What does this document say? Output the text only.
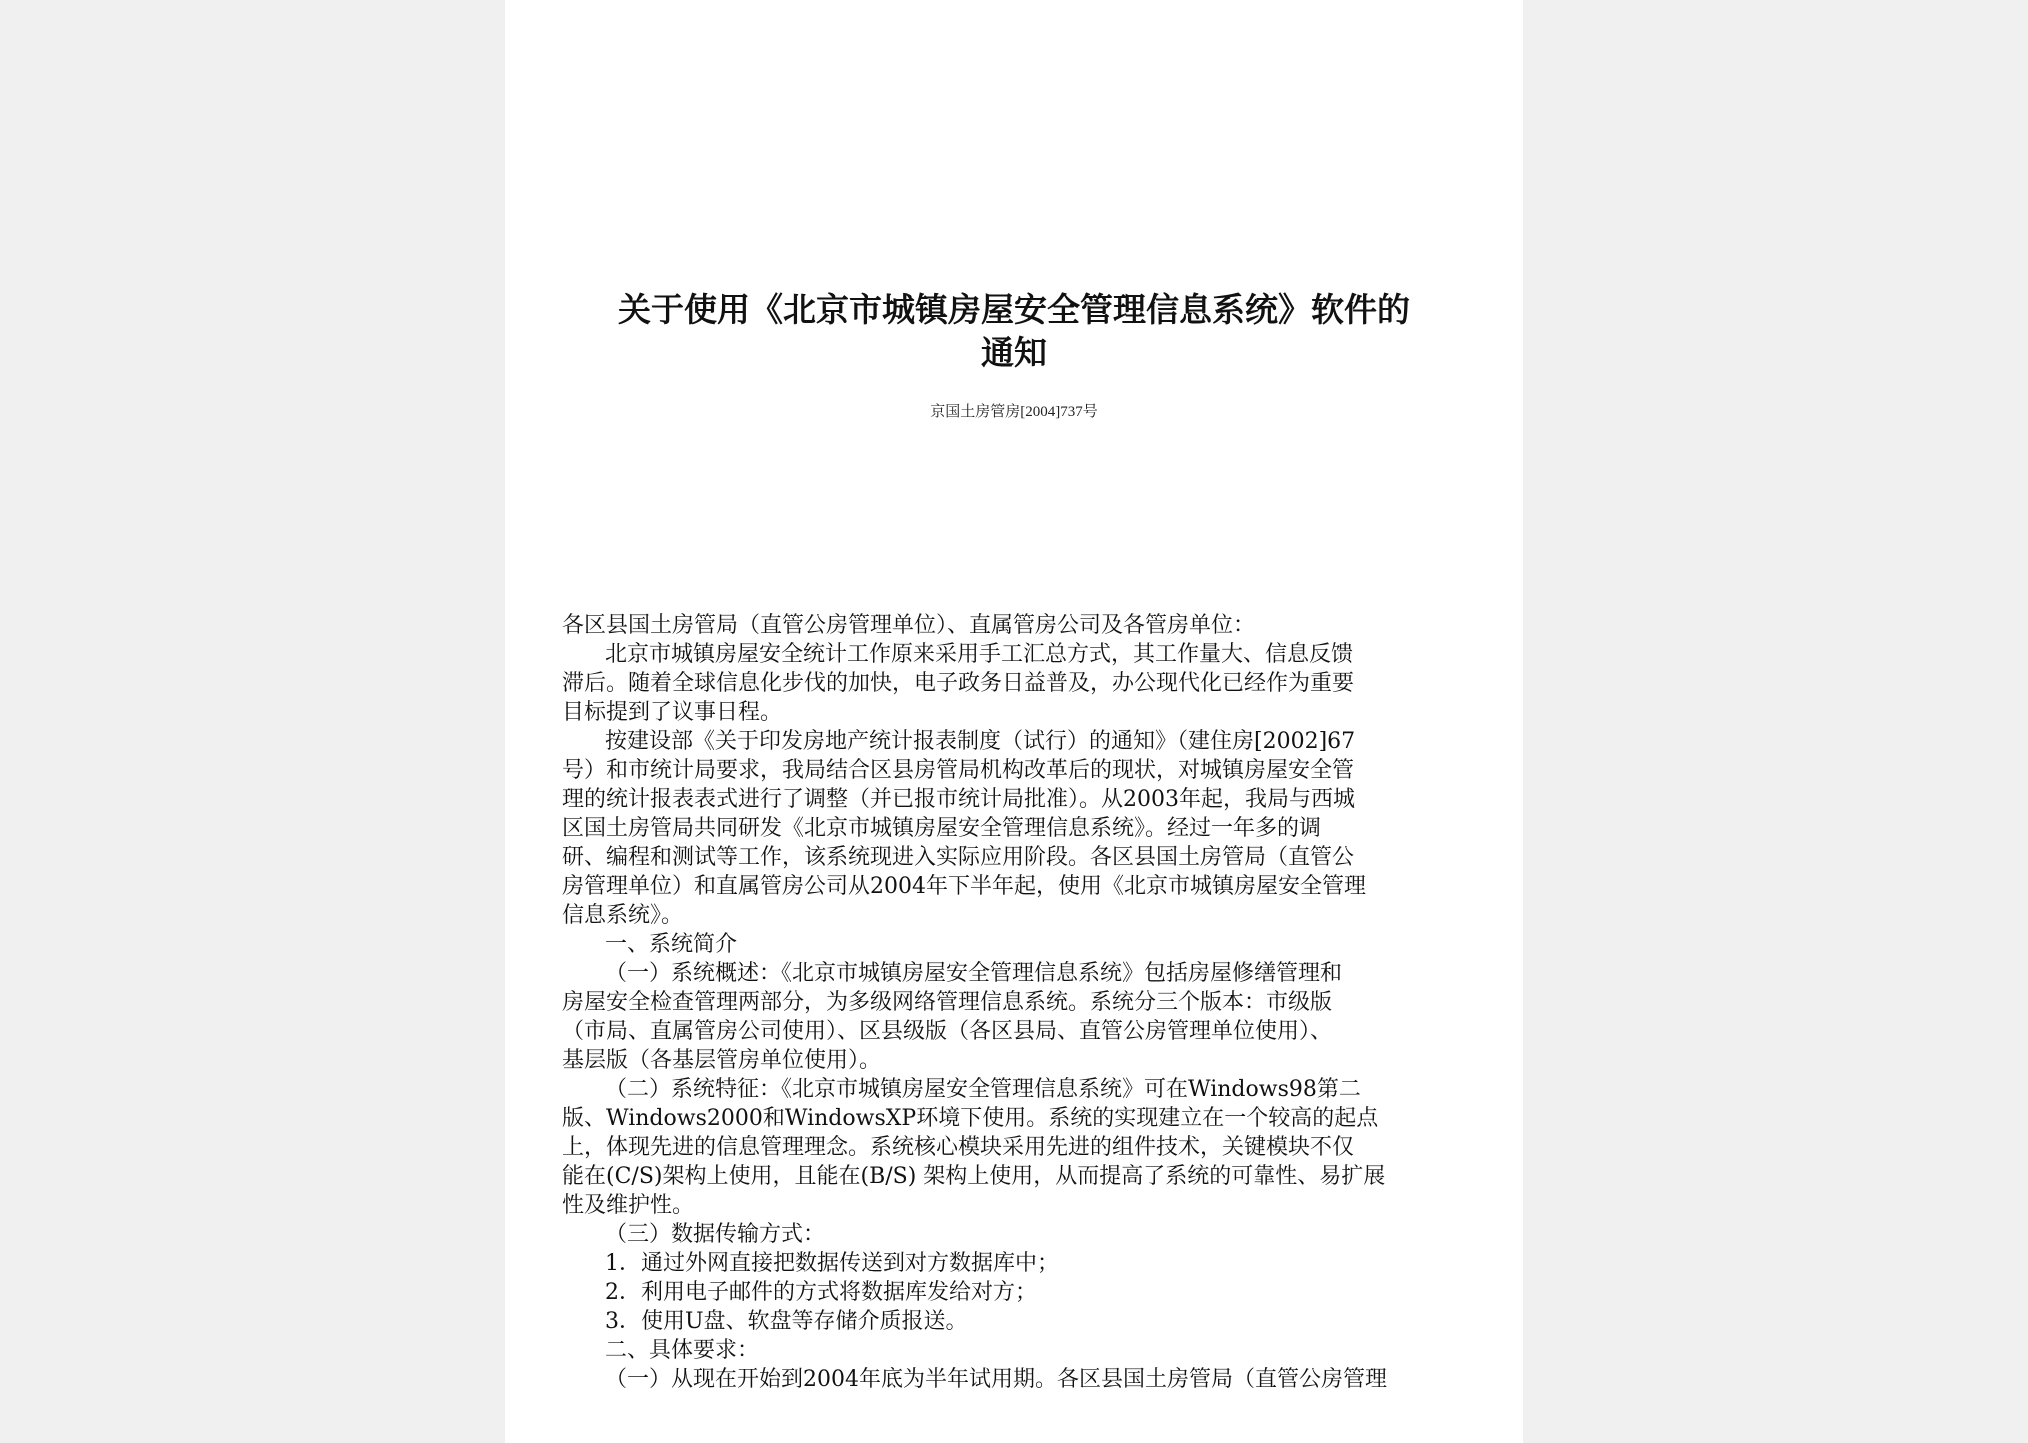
关于使用《北京市城镇房屋安全管理信息系统》软件的
通知
京国土房管房[2004]737号
各区县国土房管局（直管公房管理单位）、直属管房公司及各管房单位：
北京市城镇房屋安全统计工作原来采用手工汇总方式，其工作量大、信息反馈
滞后。随着全球信息化步伐的加快，电子政务日益普及，办公现代化已经作为重要
目标提到了议事日程。
按建设部《关于印发房地产统计报表制度（试行）的通知》（建住房[2002]67
号）和市统计局要求，我局结合区县房管局机构改革后的现状，对城镇房屋安全管
理的统计报表表式进行了调整（并已报市统计局批准）。从2003年起，我局与西城
区国土房管局共同研发《北京市城镇房屋安全管理信息系统》。经过一年多的调
研、编程和测试等工作，该系统现进入实际应用阶段。各区县国土房管局（直管公
房管理单位）和直属管房公司从2004年下半年起，使用《北京市城镇房屋安全管理
信息系统》。
一、系统简介
（一）系统概述：《北京市城镇房屋安全管理信息系统》包括房屋修缮管理和
房屋安全检查管理两部分，为多级网络管理信息系统。系统分三个版本：市级版
（市局、直属管房公司使用）、区县级版（各区县局、直管公房管理单位使用）、
基层版（各基层管房单位使用）。
（二）系统特征：《北京市城镇房屋安全管理信息系统》可在Windows98第二
版、Windows2000和WindowsXP环境下使用。系统的实现建立在一个较高的起点
上，体现先进的信息管理理念。系统核心模块采用先进的组件技术，关键模块不仅
能在(C/S)架构上使用，且能在(B/S) 架构上使用，从而提高了系统的可靠性、易扩展
性及维护性。
（三）数据传输方式：
1．通过外网直接把数据传送到对方数据库中；
2．利用电子邮件的方式将数据库发给对方；
3．使用U盘、软盘等存储介质报送。
二、具体要求：
（一）从现在开始到2004年底为半年试用期。各区县国土房管局（直管公房管理
